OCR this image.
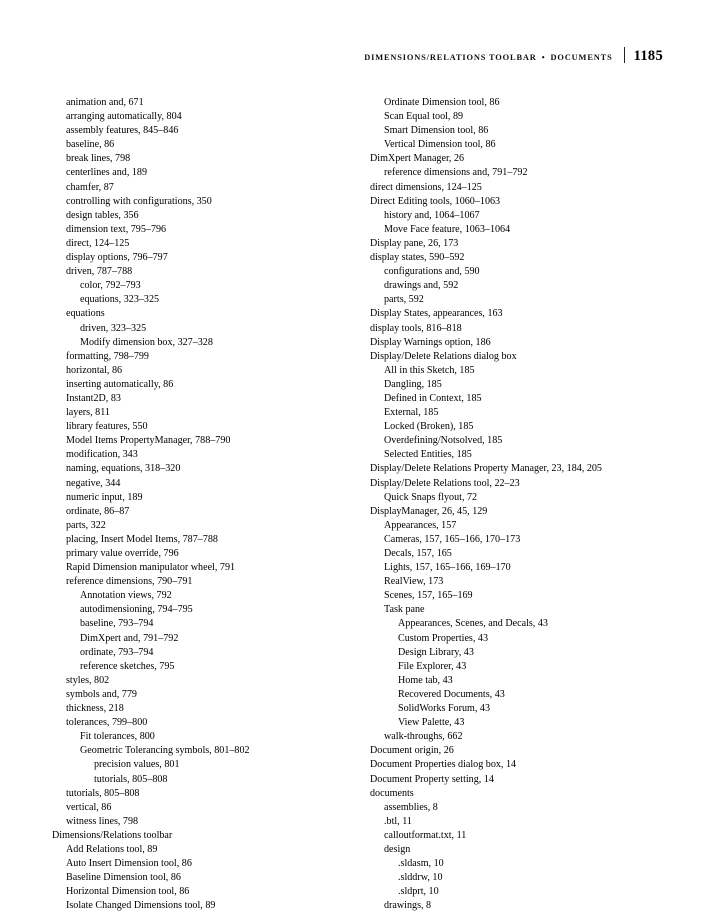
DIMENSIONS/RELATIONS TOOLBAR • DOCUMENTS 1185
animation and, 671
arranging automatically, 804
assembly features, 845–846
baseline, 86
break lines, 798
centerlines and, 189
chamfer, 87
controlling with configurations, 350
design tables, 356
dimension text, 795–796
direct, 124–125
display options, 796–797
driven, 787–788
color, 792–793
equations, 323–325
equations
driven, 323–325
Modify dimension box, 327–328
formatting, 798–799
horizontal, 86
inserting automatically, 86
Instant2D, 83
layers, 811
library features, 550
Model Items PropertyManager, 788–790
modification, 343
naming, equations, 318–320
negative, 344
numeric input, 189
ordinate, 86–87
parts, 322
placing, Insert Model Items, 787–788
primary value override, 796
Rapid Dimension manipulator wheel, 791
reference dimensions, 790–791
Annotation views, 792
autodimensioning, 794–795
baseline, 793–794
DimXpert and, 791–792
ordinate, 793–794
reference sketches, 795
styles, 802
symbols and, 779
thickness, 218
tolerances, 799–800
Fit tolerances, 800
Geometric Tolerancing symbols, 801–802
precision values, 801
tutorials, 805–808
tutorials, 805–808
vertical, 86
witness lines, 798
Dimensions/Relations toolbar
Add Relations tool, 89
Auto Insert Dimension tool, 86
Baseline Dimension tool, 86
Horizontal Dimension tool, 86
Isolate Changed Dimensions tool, 89
Ordinate Dimension tool, 86
Scan Equal tool, 89
Smart Dimension tool, 86
Vertical Dimension tool, 86
DimXpert Manager, 26
reference dimensions and, 791–792
direct dimensions, 124–125
Direct Editing tools, 1060–1063
history and, 1064–1067
Move Face feature, 1063–1064
Display pane, 26, 173
display states, 590–592
configurations and, 590
drawings and, 592
parts, 592
Display States, appearances, 163
display tools, 816–818
Display Warnings option, 186
Display/Delete Relations dialog box
All in this Sketch, 185
Dangling, 185
Defined in Context, 185
External, 185
Locked (Broken), 185
Overdefining/Notsolved, 185
Selected Entities, 185
Display/Delete Relations Property Manager, 23, 184, 205
Display/Delete Relations tool, 22–23
Quick Snaps flyout, 72
DisplayManager, 26, 45, 129
Appearances, 157
Cameras, 157, 165–166, 170–173
Decals, 157, 165
Lights, 157, 165–166, 169–170
RealView, 173
Scenes, 157, 165–169
Task pane
Appearances, Scenes, and Decals, 43
Custom Properties, 43
Design Library, 43
File Explorer, 43
Home tab, 43
Recovered Documents, 43
SolidWorks Forum, 43
View Palette, 43
walk-throughs, 662
Document origin, 26
Document Properties dialog box, 14
Document Property setting, 14
documents
assemblies, 8
.btl, 11
calloutformat.txt, 11
design
.sldasm, 10
.slddrw, 10
.sldprt, 10
drawings, 8
